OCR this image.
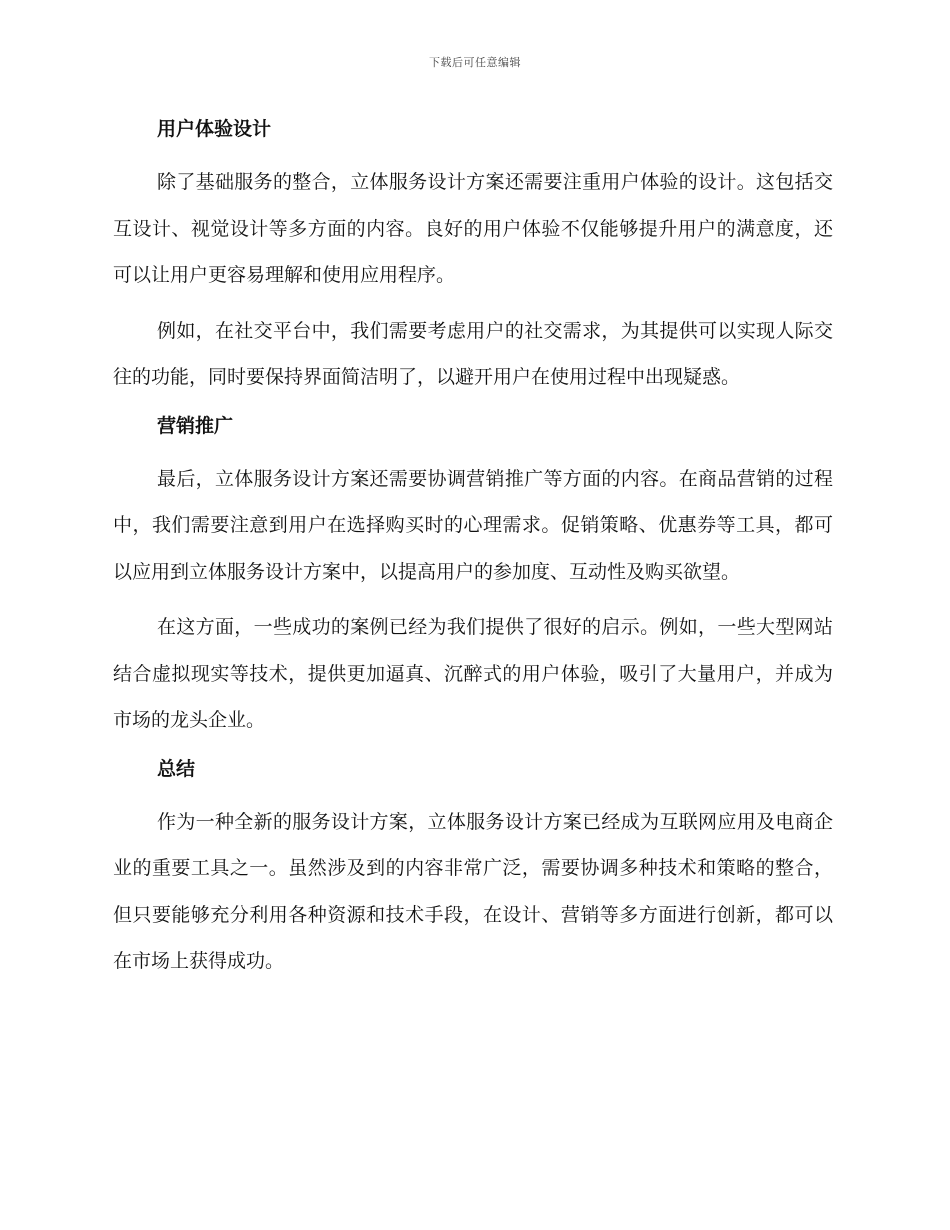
下载后可任意编辑
用户体验设计

除了基础服务的整合，立体服务设计方案还需要注重用户体验的设计。这包括交互设计、视觉设计等多方面的内容。良好的用户体验不仅能够提升用户的满意度，还可以让用户更容易理解和使用应用程序。

例如，在社交平台中，我们需要考虑用户的社交需求，为其提供可以实现人际交往的功能，同时要保持界面简洁明了，以避开用户在使用过程中出现疑惑。

营销推广

最后，立体服务设计方案还需要协调营销推广等方面的内容。在商品营销的过程中，我们需要注意到用户在选择购买时的心理需求。促销策略、优惠券等工具，都可以应用到立体服务设计方案中，以提高用户的参加度、互动性及购买欲望。

在这方面，一些成功的案例已经为我们提供了很好的启示。例如，一些大型网站结合虚拟现实等技术，提供更加逼真、沉醉式的用户体验，吸引了大量用户，并成为市场的龙头企业。

总结

作为一种全新的服务设计方案，立体服务设计方案已经成为互联网应用及电商企业的重要工具之一。虽然涉及到的内容非常广泛，需要协调多种技术和策略的整合，但只要能够充分利用各种资源和技术手段，在设计、营销等多方面进行创新，都可以在市场上获得成功。
